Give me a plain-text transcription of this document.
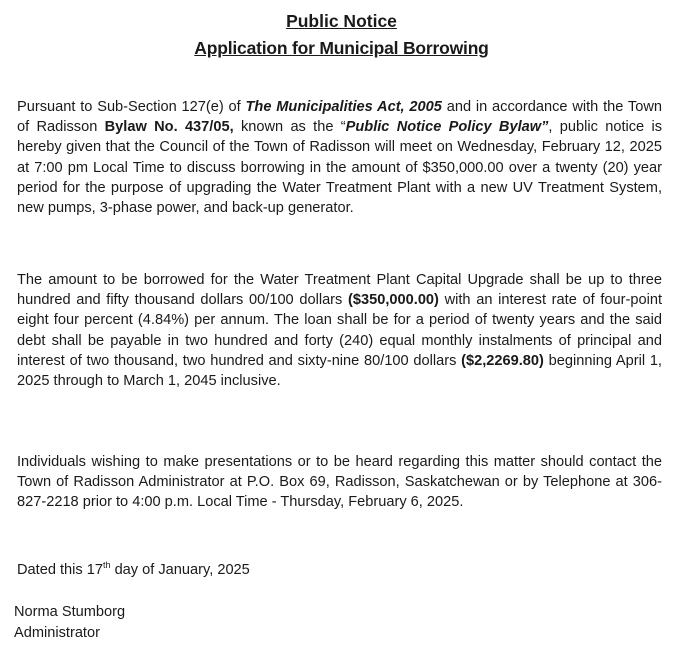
Public Notice
Application for Municipal Borrowing

Pursuant to Sub-Section 127(e) of The Municipalities Act, 2005 and in accordance with the Town of Radisson Bylaw No. 437/05, known as the “Public Notice Policy Bylaw”, public notice is hereby given that the Council of the Town of Radisson will meet on Wednesday, February 12, 2025 at 7:00 pm Local Time to discuss borrowing in the amount of $350,000.00 over a twenty (20) year period for the purpose of upgrading the Water Treatment Plant with a new UV Treatment System, new pumps, 3-phase power, and back-up generator.

The amount to be borrowed for the Water Treatment Plant Capital Upgrade shall be up to three hundred and fifty thousand dollars 00/100 dollars ($350,000.00) with an interest rate of four-point eight four percent (4.84%) per annum. The loan shall be for a period of twenty years and the said debt shall be payable in two hundred and forty (240) equal monthly instalments of principal and interest of two thousand, two hundred and sixty-nine 80/100 dollars ($2,2269.80) beginning April 1, 2025 through to March 1, 2045 inclusive.

Individuals wishing to make presentations or to be heard regarding this matter should contact the Town of Radisson Administrator at P.O. Box 69, Radisson, Saskatchewan or by Telephone at 306-827-2218 prior to 4:00 p.m. Local Time - Thursday, February 6, 2025.

Dated this 17th day of January, 2025

Norma Stumborg

Administrator
